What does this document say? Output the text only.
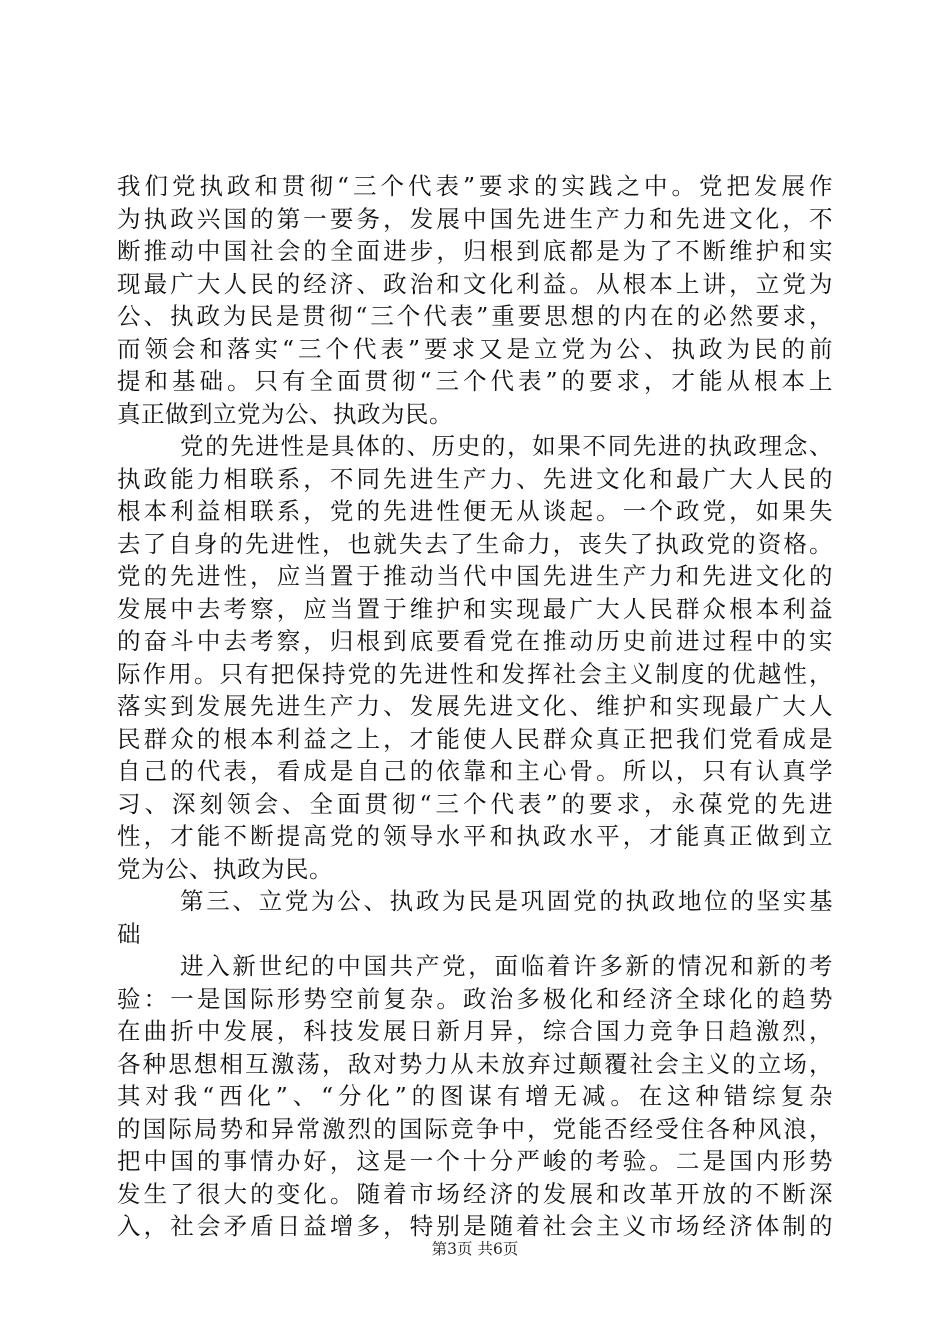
我们党执政和贯彻“三个代表”要求的实践之中。党把发展作
为执政兴国的第一要务，发展中国先进生产力和先进文化，不
断推动中国社会的全面进步，归根到底都是为了不断维护和实
现最广大人民的经济、政治和文化利益。从根本上讲，立党为
公、执政为民是贯彻“三个代表”重要思想的内在的必然要求，
而领会和落实“三个代表”要求又是立党为公、执政为民的前
提和基础。只有全面贯彻“三个代表”的要求，才能从根本上
真正做到立党为公、执政为民。
党的先进性是具体的、历史的，如果不同先进的执政理念、
执政能力相联系，不同先进生产力、先进文化和最广大人民的
根本利益相联系，党的先进性便无从谈起。一个政党，如果失
去了自身的先进性，也就失去了生命力，丧失了执政党的资格。
党的先进性，应当置于推动当代中国先进生产力和先进文化的
发展中去考察，应当置于维护和实现最广大人民群众根本利益
的奋斗中去考察，归根到底要看党在推动历史前进过程中的实
际作用。只有把保持党的先进性和发挥社会主义制度的优越性，
落实到发展先进生产力、发展先进文化、维护和实现最广大人
民群众的根本利益之上，才能使人民群众真正把我们党看成是
自己的代表，看成是自己的依靠和主心骨。所以，只有认真学
习、深刻领会、全面贯彻“三个代表”的要求，永葆党的先进
性，才能不断提高党的领导水平和执政水平，才能真正做到立
党为公、执政为民。
第三、立党为公、执政为民是巩固党的执政地位的坚实基
础
进入新世纪的中国共产党，面临着许多新的情况和新的考
验：一是国际形势空前复杂。政治多极化和经济全球化的趋势
在曲折中发展，科技发展日新月异，综合国力竞争日趋激烈，
各种思想相互激荡，敌对势力从未放弃过颠覆社会主义的立场，
其对我“西化”、“分化”的图谋有增无减。在这种错综复杂
的国际局势和异常激烈的国际竞争中，党能否经受住各种风浪，
把中国的事情办好，这是一个十分严峻的考验。二是国内形势
发生了很大的变化。随着市场经济的发展和改革开放的不断深
入，社会矛盾日益增多，特别是随着社会主义市场经济体制的
第3页 共6页
